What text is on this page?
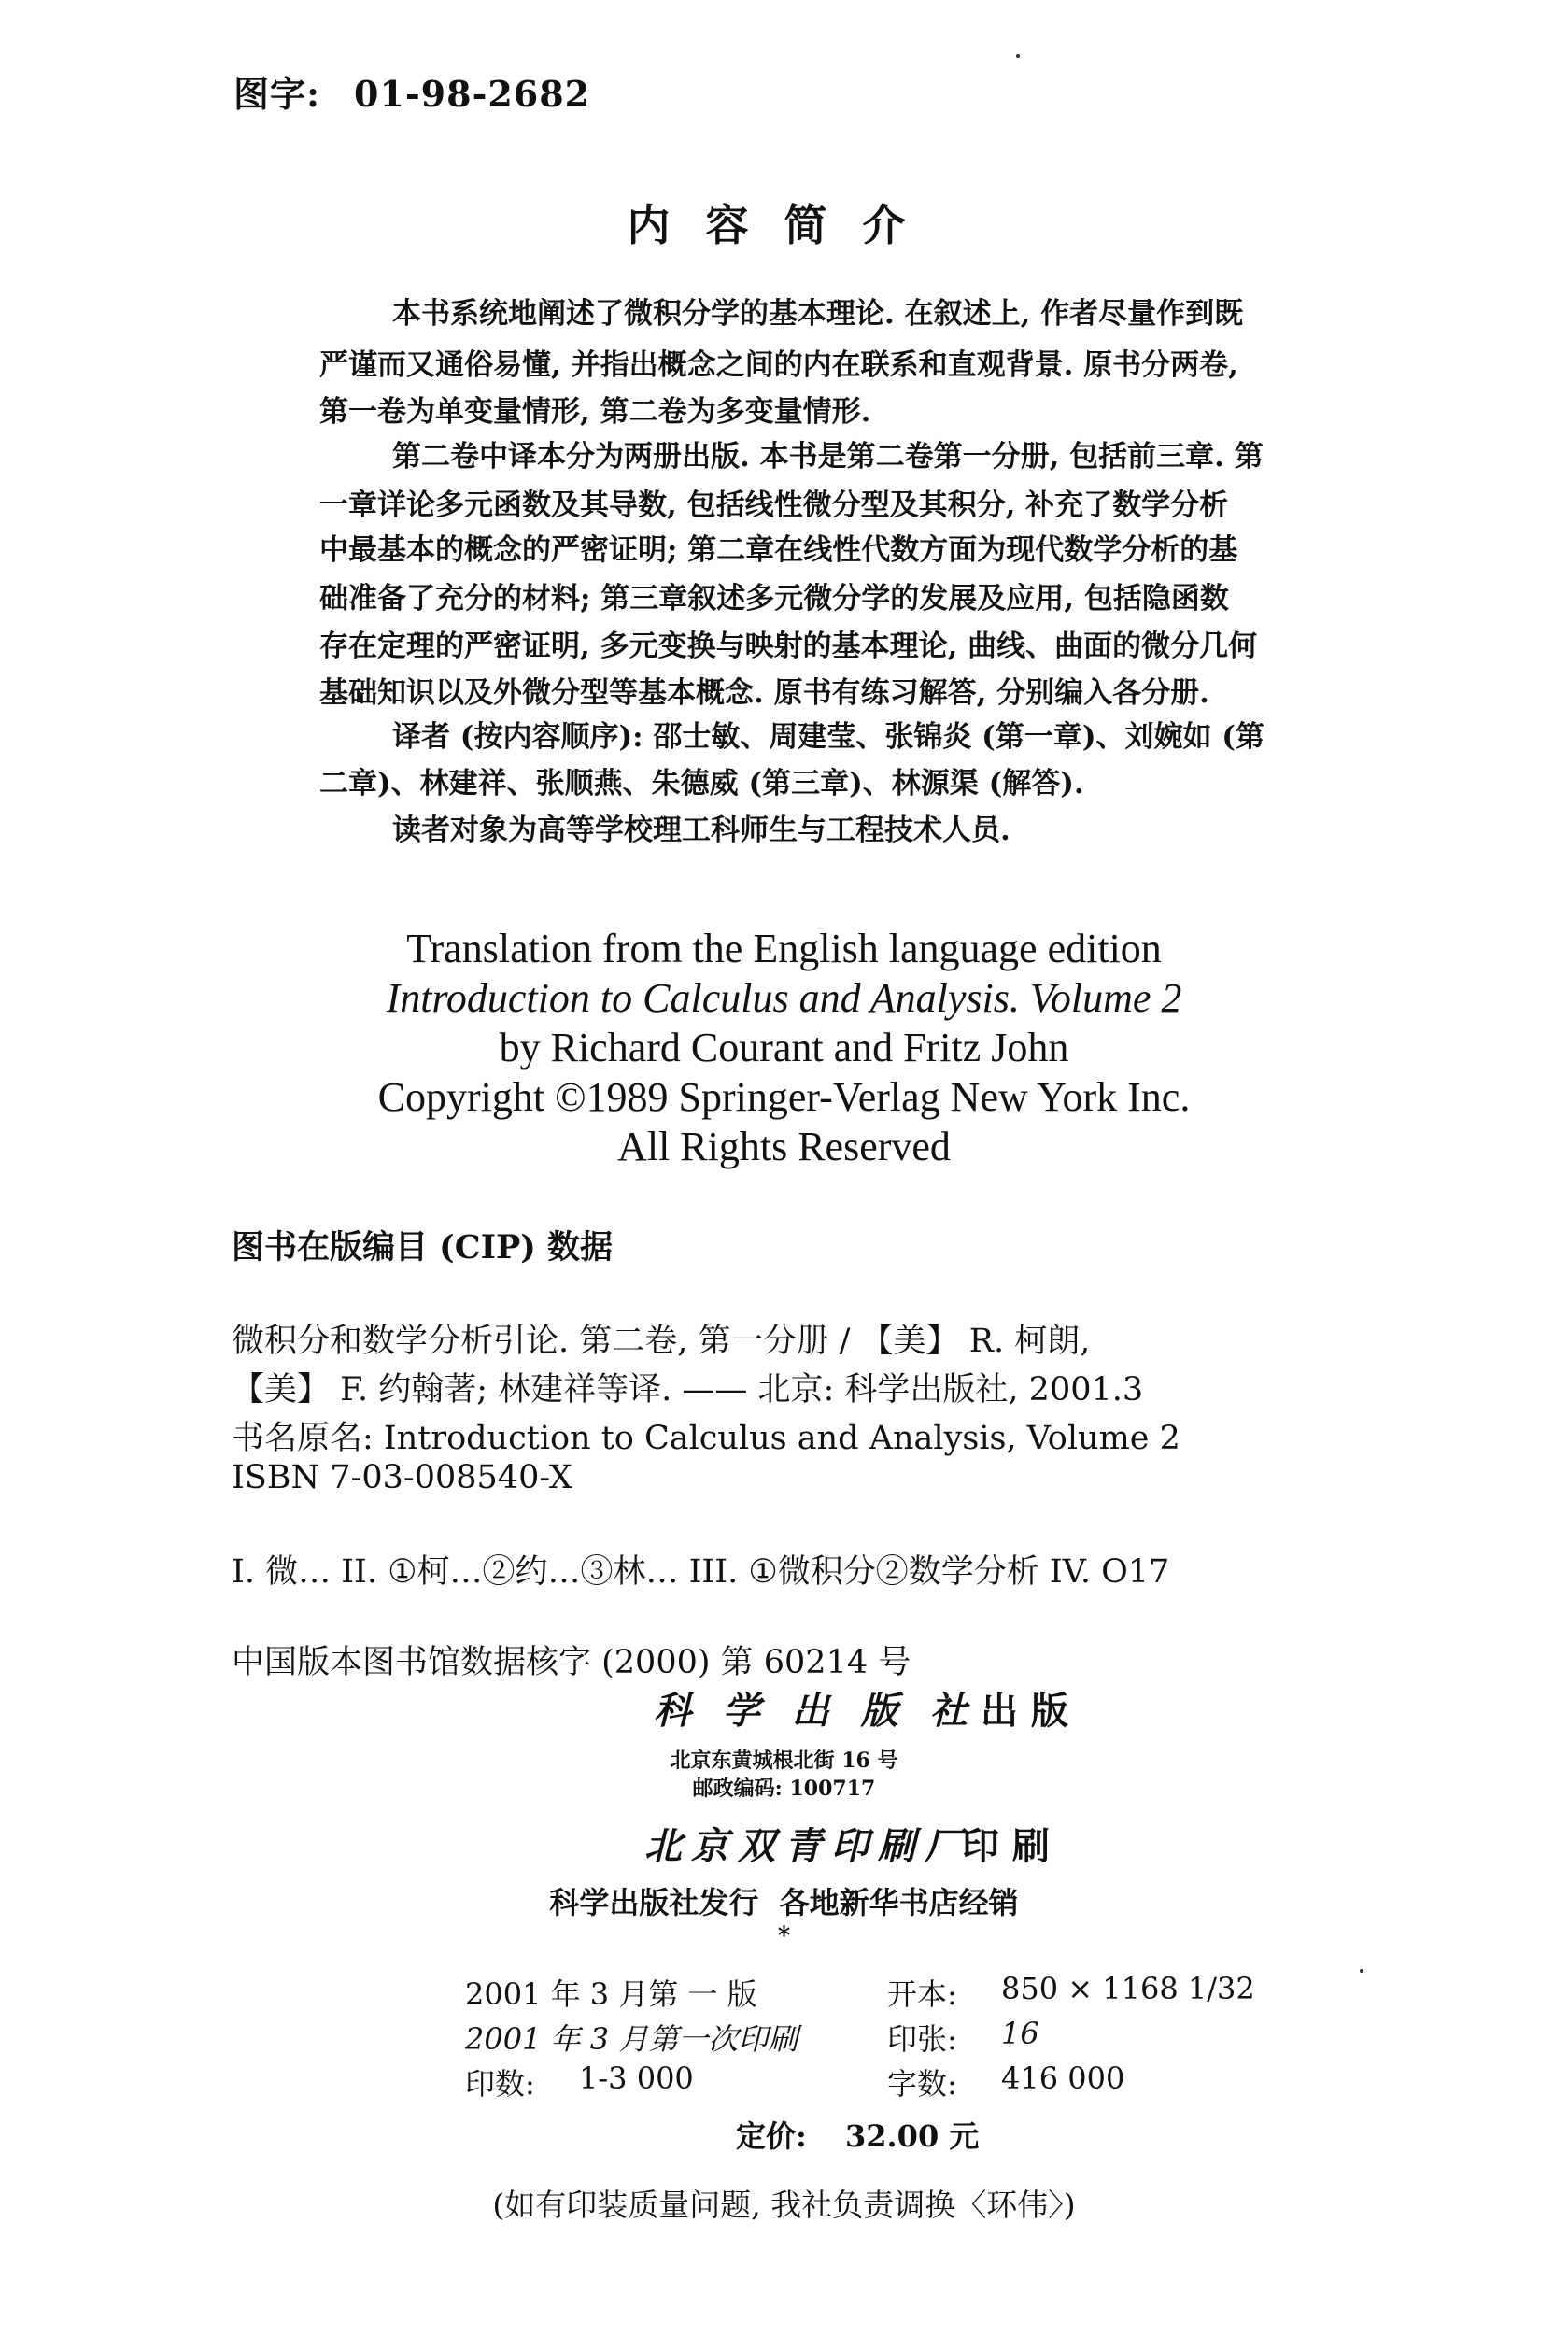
图字: 01-98-2682
内容简介
本书系统地阐述了微积分学的基本理论. 在叙述上, 作者尽量作到既
严谨而又通俗易懂, 并指出概念之间的内在联系和直观背景. 原书分两卷,
第一卷为单变量情形, 第二卷为多变量情形.
第二卷中译本分为两册出版. 本书是第二卷第一分册, 包括前三章. 第
一章详论多元函数及其导数, 包括线性微分型及其积分, 补充了数学分析
中最基本的概念的严密证明; 第二章在线性代数方面为现代数学分析的基
础准备了充分的材料; 第三章叙述多元微分学的发展及应用, 包括隐函数
存在定理的严密证明, 多元变换与映射的基本理论, 曲线、曲面的微分几何
基础知识以及外微分型等基本概念. 原书有练习解答, 分别编入各分册.
译者 (按内容顺序): 邵士敏、周建莹、张锦炎 (第一章)、刘婉如 (第
二章)、林建祥、张顺燕、朱德威 (第三章)、林源渠 (解答).
读者对象为高等学校理工科师生与工程技术人员.
Translation from the English language edition
Introduction to Calculus and Analysis. Volume 2
by Richard Courant and Fritz John
Copyright ©1989 Springer-Verlag New York Inc.
All Rights Reserved
图书在版编目 (CIP) 数据
微积分和数学分析引论. 第二卷, 第一分册 / 【美】 R. 柯朗,
【美】 F. 约翰著; 林建祥等译. —— 北京: 科学出版社, 2001.3
书名原名: Introduction to Calculus and Analysis, Volume 2
ISBN 7-03-008540-X
I. 微… II. ①柯…②约…③林… III. ①微积分②数学分析 IV. O17
中国版本图书馆数据核字 (2000) 第 60214 号
科 学 出 版 社 出 版
北京东黄城根北街 16 号
邮政编码: 100717
北京双青印刷厂
印 刷
科学出版社发行  各地新华书店经销
*
2001 年 3 月第 一 版
2001 年 3 月第一次印刷
印数: 1-3 000
开本: 850 × 1168 1/32
印张: 16
字数: 416 000
定价: 32.00 元
(如有印装质量问题, 我社负责调换〈环伟〉)
